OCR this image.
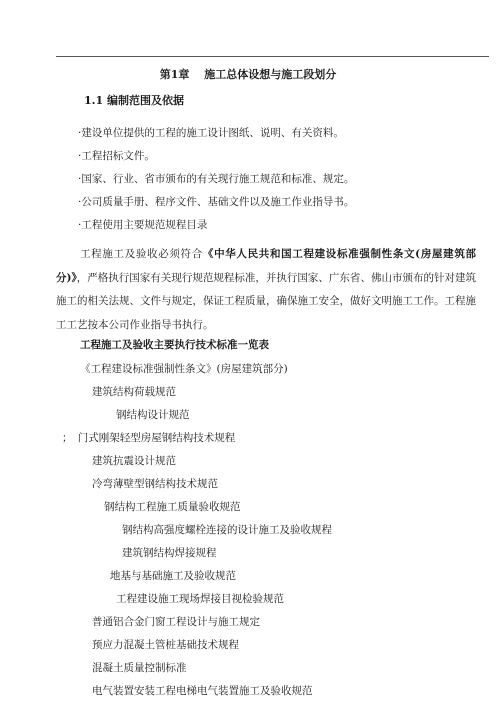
第1章　 施工总体设想与施工段划分
1.1 编制范围及依据
·建设单位提供的工程的施工设计图纸、说明、有关资料。
·工程招标文件。
·国家、行业、省市颁布的有关现行施工规范和标准、规定。
·公司质量手册、程序文件、基础文件以及施工作业指导书。
·工程使用主要规范规程目录
工程施工及验收必须符合《中华人民共和国工程建设标准强制性条文(房屋建筑部分)》，严格执行国家有关现行规范规程标准，并执行国家、广东省、佛山市颁布的针对建筑施工的相关法规、文件与规定，保证工程质量，确保施工安全，做好文明施工工作。工程施工工艺按本公司作业指导书执行。
工程施工及验收主要执行技术标准一览表
《工程建设标准强制性条文》(房屋建筑部分)
建筑结构荷载规范
钢结构设计规范
；　门式刚架轻型房屋钢结构技术规程
建筑抗震设计规范
冷弯薄壁型钢结构技术规范
钢结构工程施工质量验收规范
钢结构高强度螺栓连接的设计施工及验收规程
建筑钢结构焊接规程
地基与基础施工及验收规范
工程建设施工现场焊接目视检验规范
普通铝合金门窗工程设计与施工规定
预应力混凝土管桩基础技术规程
混凝土质量控制标准
电气装置安装工程电梯电气装置施工及验收规范
